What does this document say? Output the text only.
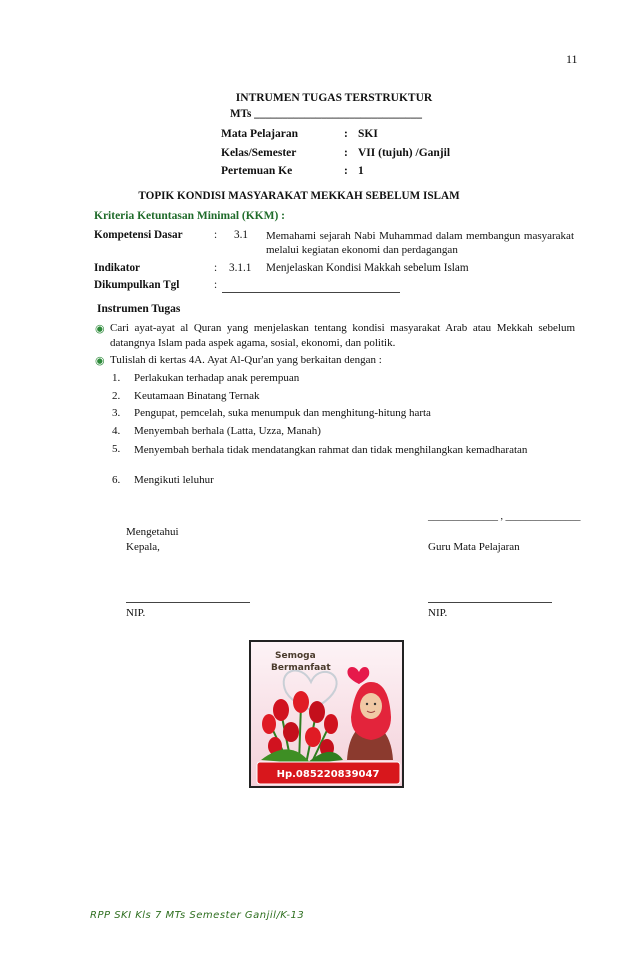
11
INTRUMEN TUGAS TERSTRUKTUR
MTs ______________________________
Mata Pelajaran	: SKI
Kelas/Semester	: VII (tujuh) /Ganjil
Pertemuan Ke	: 1
TOPIK KONDISI MASYARAKAT MEKKAH SEBELUM ISLAM
Kriteria Ketuntasan Minimal (KKM) :
Kompetensi Dasar	: 3.1 Memahami sejarah Nabi Muhammad dalam membangun masyarakat melalui kegiatan ekonomi dan perdagangan
Indikator	: 3.1.1 Menjelaskan Kondisi Makkah sebelum Islam
Dikumpulkan Tgl	:
Instrumen Tugas
◉ Cari ayat-ayat al Quran yang menjelaskan tentang kondisi masyarakat Arab atau Mekkah sebelum datangnya Islam pada aspek agama, sosial, ekonomi, dan politik.
◉ Tulislah di kertas 4A. Ayat Al-Qur'an yang berkaitan dengan :
1. Perlakukan terhadap anak perempuan
2. Keutamaan Binatang Ternak
3. Pengupat, pemcelah, suka menumpuk dan menghitung-hitung harta
4. Menyembah berhala (Latta, Uzza, Manah)
5.	Menyembah berhala tidak mendatangkan rahmat dan tidak menghilangkan kemadharatan
6. Mengikuti leluhur
______________ , _______________
Mengetahui
Kepala,	Guru Mata Pelajaran
NIP.	NIP.
Semoga
Bermanfaat
Hp.085220839047
RPP SKI Kls 7 MTs Semester Ganjil/K-13
